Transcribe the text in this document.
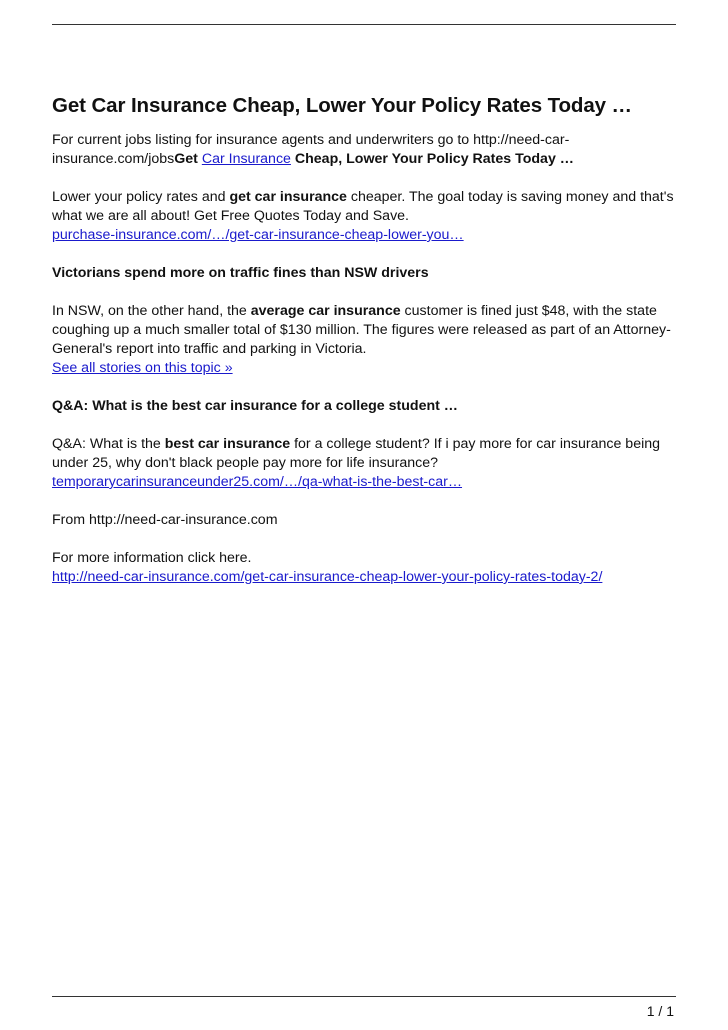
Get Car Insurance Cheap, Lower Your Policy Rates Today …

For current jobs listing for insurance agents and underwriters go to http://need-car-insurance.com/jobsGet Car Insurance Cheap, Lower Your Policy Rates Today …

Lower your policy rates and get car insurance cheaper. The goal today is saving money and that's what we are all about! Get Free Quotes Today and Save.
purchase-insurance.com/…/get-car-insurance-cheap-lower-you…

Victorians spend more on traffic fines than NSW drivers

In NSW, on the other hand, the average car insurance customer is fined just $48, with the state coughing up a much smaller total of $130 million. The figures were released as part of an Attorney-General's report into traffic and parking in Victoria.
See all stories on this topic »

Q&A: What is the best car insurance for a college student …

Q&A: What is the best car insurance for a college student? If i pay more for car insurance being under 25, why don't black people pay more for life insurance?
temporarycarinsuranceunder25.com/…/qa-what-is-the-best-car…

From http://need-car-insurance.com

For more information click here.
http://need-car-insurance.com/get-car-insurance-cheap-lower-your-policy-rates-today-2/

1 / 1
